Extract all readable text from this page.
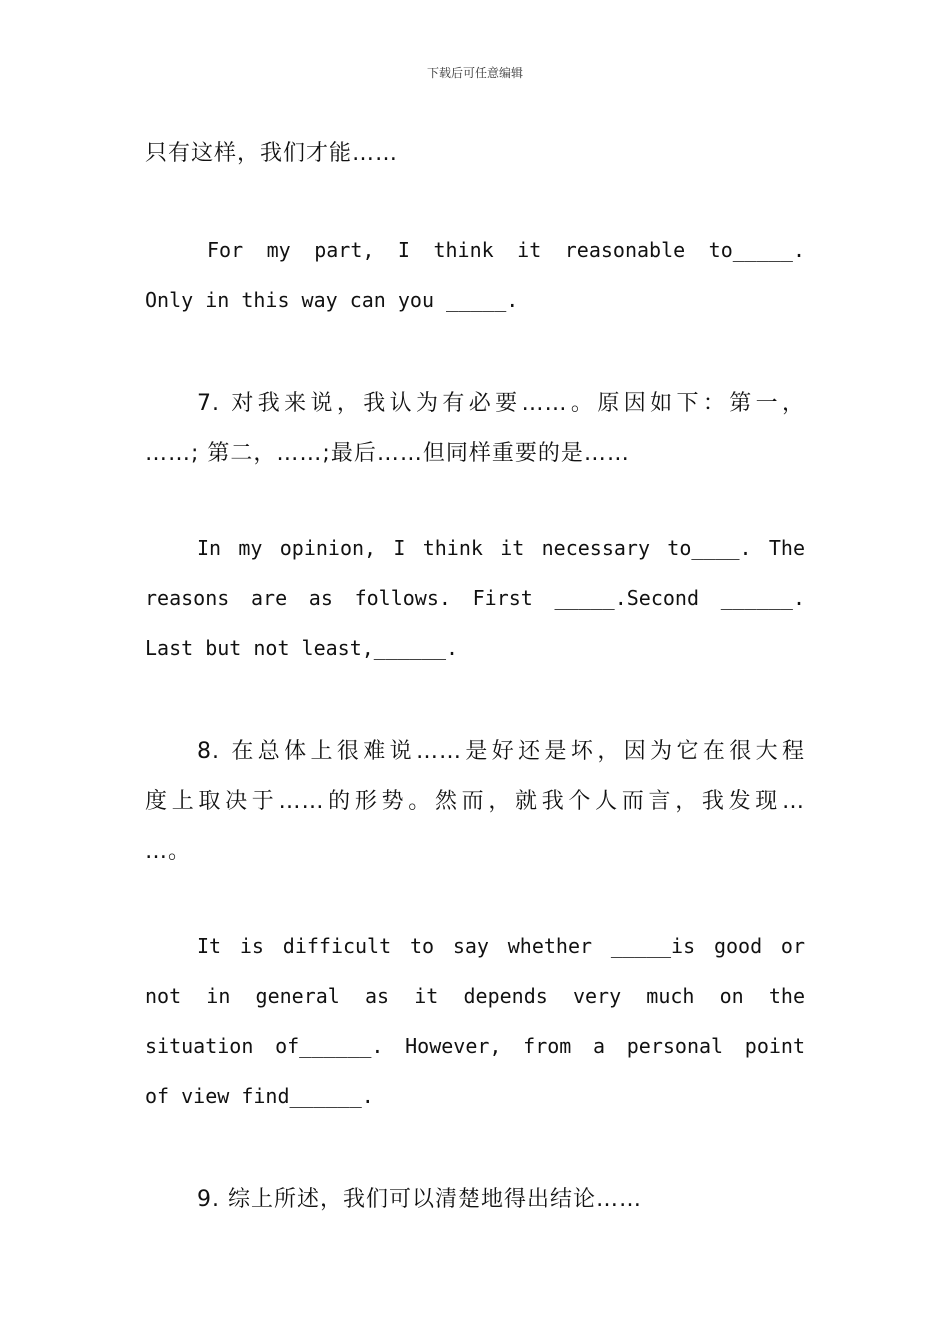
下载后可任意编辑
只有这样，我们才能……
For my part, I think it reasonable to_____.
Only in this way can you _____.
7. 对我来说，我认为有必要……。原因如下：第一，
……; 第二，……;最后……但同样重要的是……
In my opinion, I think it necessary to____. The
reasons are as follows. First _____.Second ______.
Last but not least,______.
8. 在总体上很难说……是好还是坏，因为它在很大程
度上取决于……的形势。然而，就我个人而言，我发现…
…。
It is difficult to say whether _____is good or
not in general as it depends very much on the
situation of______. However, from a personal point
of view find______.
9. 综上所述，我们可以清楚地得出结论……
